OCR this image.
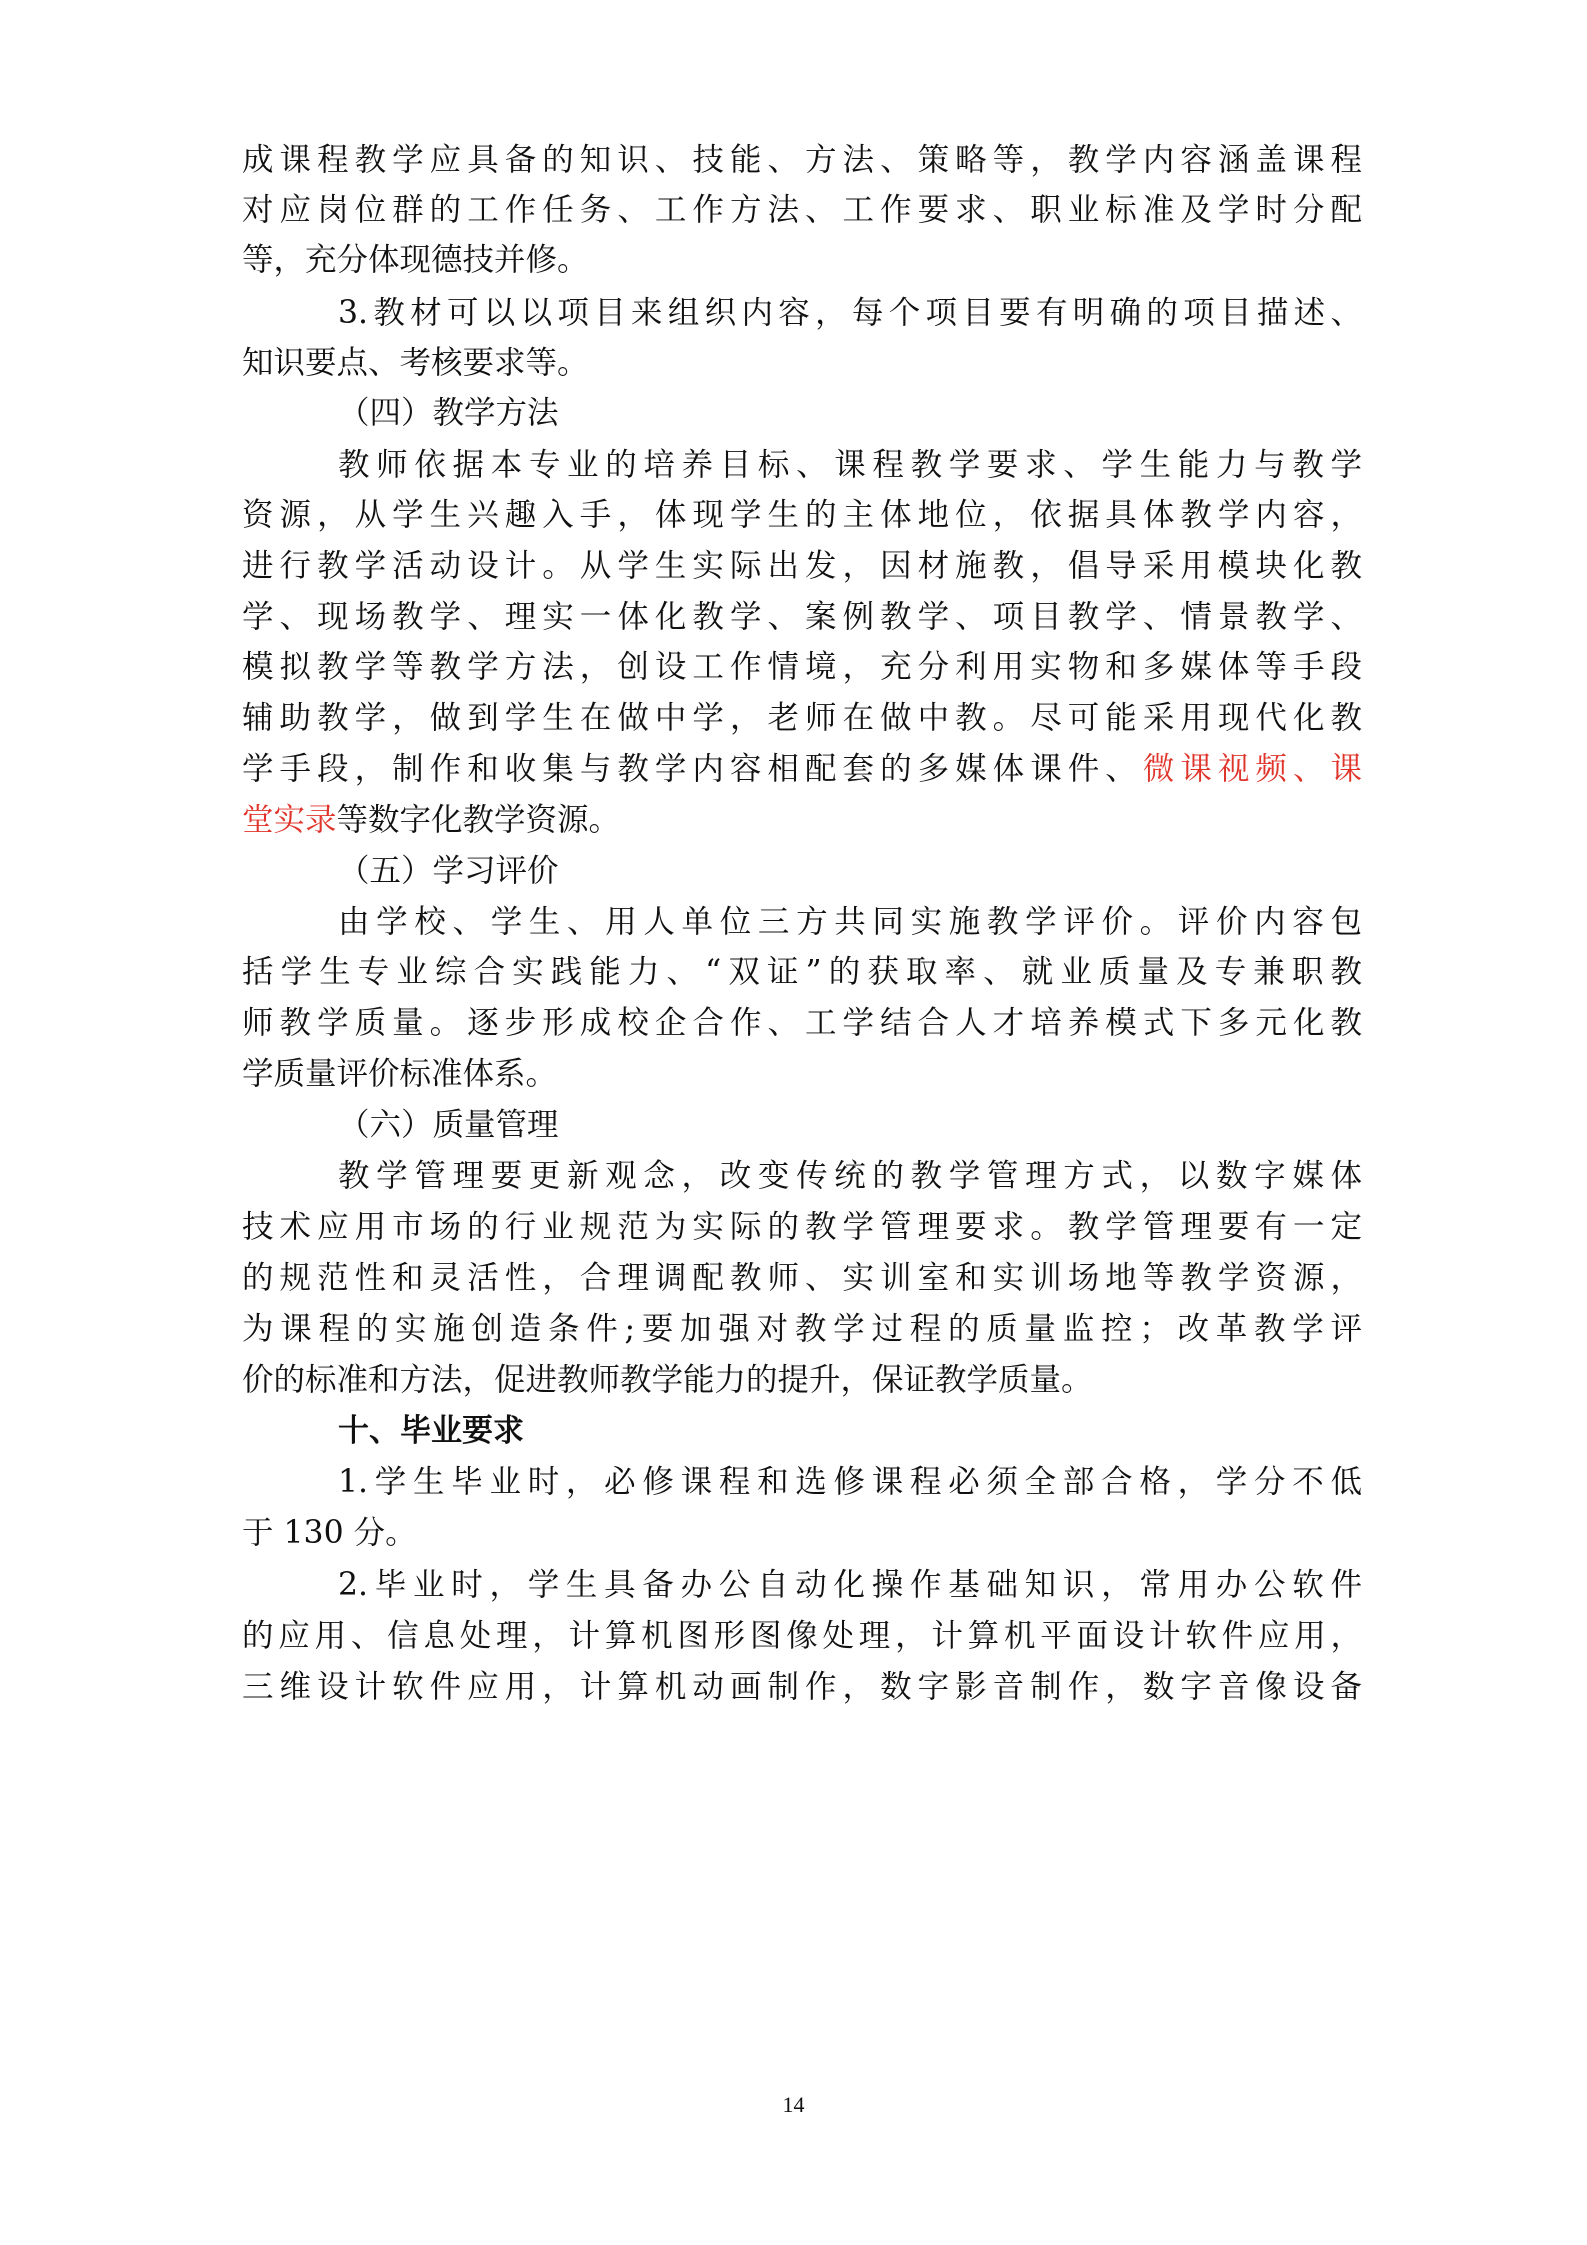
成课程教学应具备的知识、技能、方法、策略等，教学内容涵盖课程
对应岗位群的工作任务、工作方法、工作要求、职业标准及学时分配
等，充分体现德技并修。
3.教材可以以项目来组织内容，每个项目要有明确的项目描述、
知识要点、考核要求等。
（四）教学方法
教师依据本专业的培养目标、课程教学要求、学生能力与教学
资源，从学生兴趣入手，体现学生的主体地位，依据具体教学内容，
进行教学活动设计。从学生实际出发，因材施教，倡导采用模块化教
学、现场教学、理实一体化教学、案例教学、项目教学、情景教学、
模拟教学等教学方法，创设工作情境，充分利用实物和多媒体等手段
辅助教学，做到学生在做中学，老师在做中教。尽可能采用现代化教
学手段，制作和收集与教学内容相配套的多媒体课件、微课视频、课
堂实录等数字化教学资源。
（五）学习评价
由学校、学生、用人单位三方共同实施教学评价。评价内容包
括学生专业综合实践能力、“双证”的获取率、就业质量及专兼职教
师教学质量。逐步形成校企合作、工学结合人才培养模式下多元化教
学质量评价标准体系。
（六）质量管理
教学管理要更新观念，改变传统的教学管理方式，以数字媒体
技术应用市场的行业规范为实际的教学管理要求。教学管理要有一定
的规范性和灵活性，合理调配教师、实训室和实训场地等教学资源，
为课程的实施创造条件;要加强对教学过程的质量监控；改革教学评
价的标准和方法，促进教师教学能力的提升，保证教学质量。
十、毕业要求
1.学生毕业时，必修课程和选修课程必须全部合格，学分不低
于 130 分。
2.毕业时，学生具备办公自动化操作基础知识，常用办公软件
的应用、信息处理，计算机图形图像处理，计算机平面设计软件应用，
三维设计软件应用，计算机动画制作，数字影音制作，数字音像设备
14
